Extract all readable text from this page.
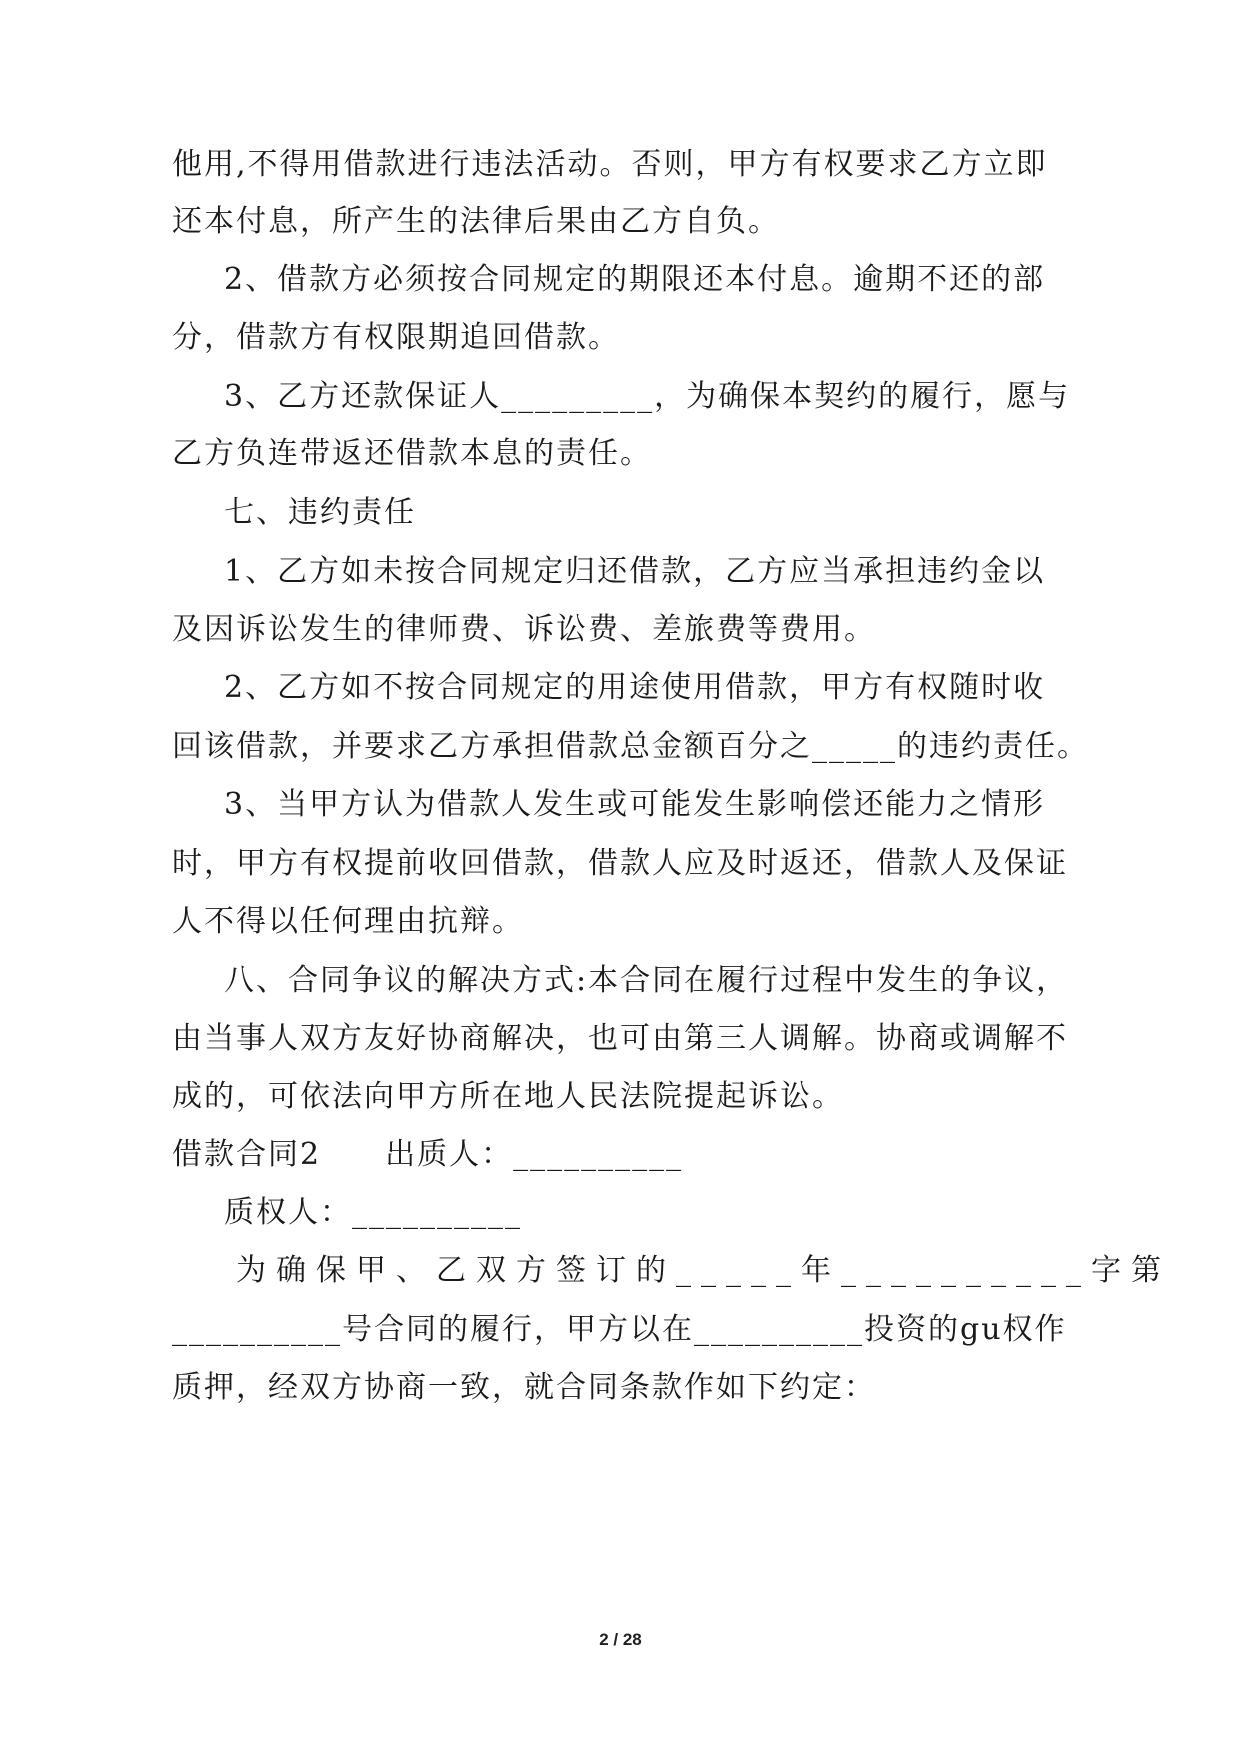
他用,不得用借款进行违法活动。否则，甲方有权要求乙方立即
还本付息，所产生的法律后果由乙方自负。
2、借款方必须按合同规定的期限还本付息。逾期不还的部
分，借款方有权限期追回借款。
3、乙方还款保证人_________，为确保本契约的履行，愿与
乙方负连带返还借款本息的责任。
七、违约责任
1、乙方如未按合同规定归还借款，乙方应当承担违约金以
及因诉讼发生的律师费、诉讼费、差旅费等费用。
2、乙方如不按合同规定的用途使用借款，甲方有权随时收
回该借款，并要求乙方承担借款总金额百分之_____的违约责任。
3、当甲方认为借款人发生或可能发生影响偿还能力之情形
时，甲方有权提前收回借款，借款人应及时返还，借款人及保证
人不得以任何理由抗辩。
八、合同争议的解决方式:本合同在履行过程中发生的争议，
由当事人双方友好协商解决，也可由第三人调解。协商或调解不
成的，可依法向甲方所在地人民法院提起诉讼。
借款合同2　　出质人：__________
质权人：__________
为确保甲、乙双方签订的_____年__________字第
__________号合同的履行，甲方以在__________投资的gu权作
质押，经双方协商一致，就合同条款作如下约定：
2 / 28
